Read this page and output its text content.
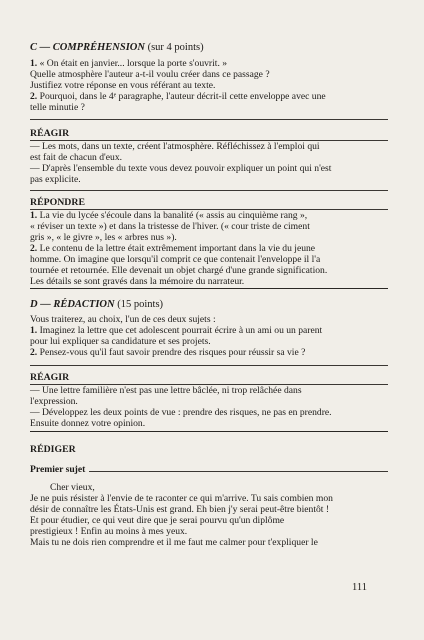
C — COMPRÉHENSION (sur 4 points)

1. « On était en janvier... lorsque la porte s'ouvrit. »

Quelle atmosphère l'auteur a-t-il voulu créer dans ce passage ?

Justifiez votre réponse en vous référant au texte.

2. Pourquoi, dans le 4ᵉ paragraphe, l'auteur décrit-il cette enveloppe avec une

telle minutie ?

RÉAGIR

— Les mots, dans un texte, créent l'atmosphère. Réfléchissez à l'emploi qui

est fait de chacun d'eux.

— D'après l'ensemble du texte vous devez pouvoir expliquer un point qui n'est

pas explicite.

RÉPONDRE

1. La vie du lycée s'écoule dans la banalité (« assis au cinquième rang »,

« réviser un texte ») et dans la tristesse de l'hiver. (« cour triste de ciment

gris », « le givre », les « arbres nus »).

2. Le contenu de la lettre était extrêmement important dans la vie du jeune

homme. On imagine que lorsqu'il comprit ce que contenait l'enveloppe il l'a

tournée et retournée. Elle devenait un objet chargé d'une grande signification.

Les détails se sont gravés dans la mémoire du narrateur.

D — RÉDACTION (15 points)

Vous traiterez, au choix, l'un de ces deux sujets :

1. Imaginez la lettre que cet adolescent pourrait écrire à un ami ou un parent

pour lui expliquer sa candidature et ses projets.

2. Pensez-vous qu'il faut savoir prendre des risques pour réussir sa vie ?

RÉAGIR

— Une lettre familière n'est pas une lettre bâclée, ni trop relâchée dans

l'expression.

— Développez les deux points de vue : prendre des risques, ne pas en prendre.

Ensuite donnez votre opinion.

RÉDIGER

Premier sujet

Cher vieux,

Je ne puis résister à l'envie de te raconter ce qui m'arrive. Tu sais combien mon

désir de connaître les États-Unis est grand. Eh bien j'y serai peut-être bientôt !

Et pour étudier, ce qui veut dire que je serai pourvu qu'un diplôme

prestigieux ! Enfin au moins à mes yeux.

Mais tu ne dois rien comprendre et il me faut me calmer pour t'expliquer le

111
